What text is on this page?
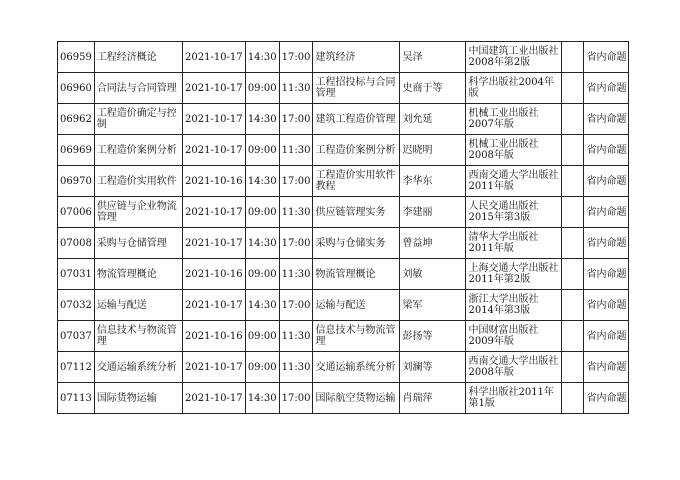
06959	工程经济概论	2021-10-17	14:30	17:00	建筑经济	吴泽	中国建筑工业出版社2008年第2版		省内命题
06960	合同法与合同管理	2021-10-17	09:00	11:30	工程招投标与合同管理	史商于等	科学出版社2004年版		省内命题
06962	工程造价确定与控制	2021-10-17	14:30	17:00	建筑工程造价管理	刘允延	机械工业出版社2007年版		省内命题
06969	工程造价案例分析	2021-10-17	09:00	11:30	工程造价案例分析	迟晓明	机械工业出版社2008年版		省内命题
06970	工程造价实用软件	2021-10-16	14:30	17:00	工程造价实用软件教程	李华东	西南交通大学出版社2011年版		省内命题
07006	供应链与企业物流管理	2021-10-17	09:00	11:30	供应链管理实务	李建丽	人民交通出版社2015年第3版		省内命题
07008	采购与仓储管理	2021-10-17	14:30	17:00	采购与仓储实务	曾益坤	清华大学出版社2011年版		省内命题
07031	物流管理概论	2021-10-16	09:00	11:30	物流管理概论	刘敏	上海交通大学出版社2011年第2版		省内命题
07032	运输与配送	2021-10-17	14:30	17:00	运输与配送	梁军	浙江大学出版社2014年第3版		省内命题
07037	信息技术与物流管理	2021-10-16	09:00	11:30	信息技术与物流管理	彭扬等	中国财富出版社2009年版		省内命题
07112	交通运输系统分析	2021-10-17	09:00	11:30	交通运输系统分析	刘澜等	西南交通大学出版社2008年版		省内命题
07113	国际货物运输	2021-10-17	14:30	17:00	国际航空货物运输	肖瑞萍	科学出版社2011年第1版		省内命题
